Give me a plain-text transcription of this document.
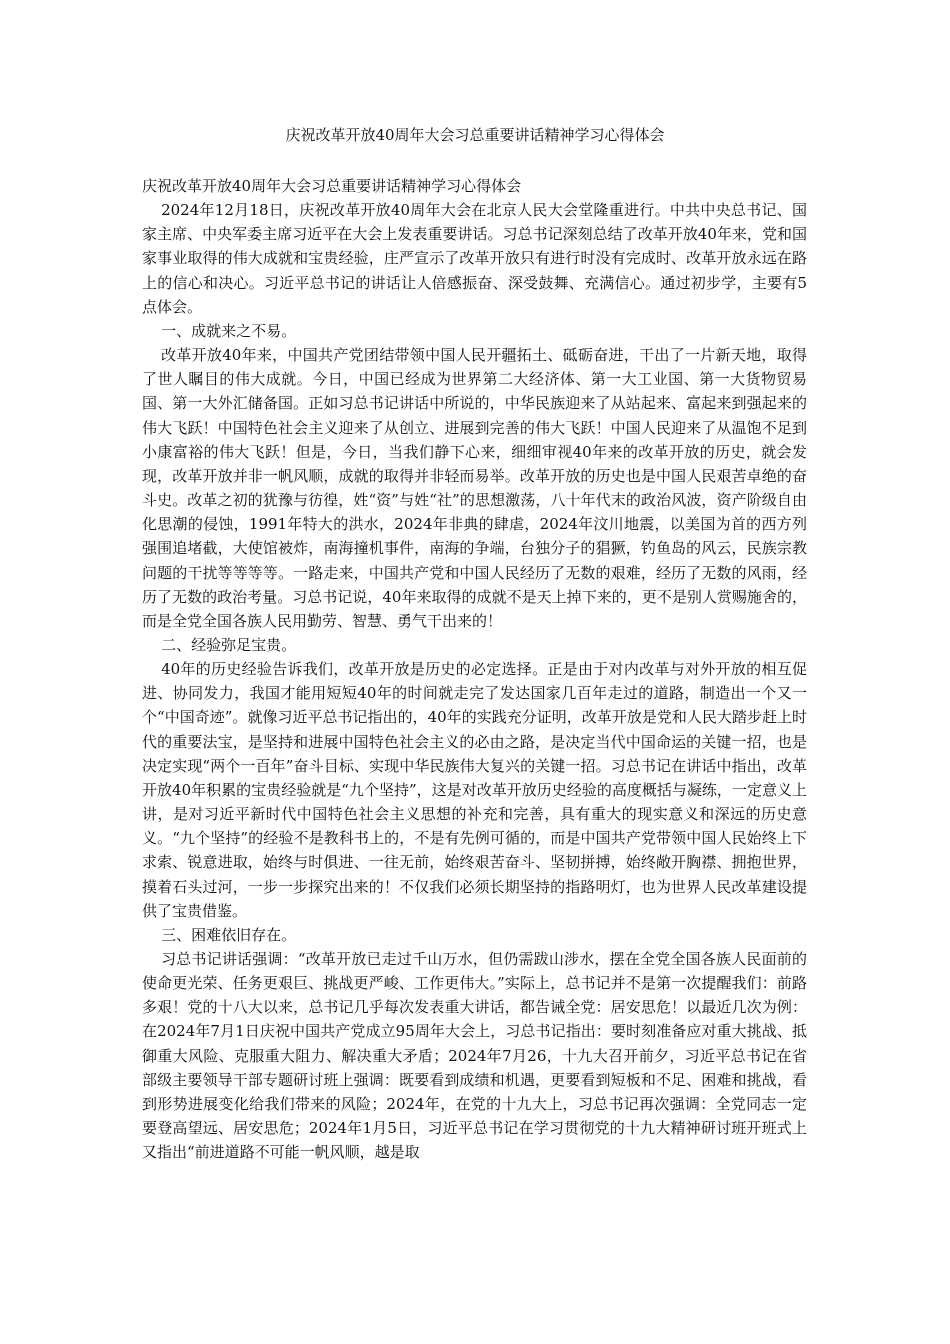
庆祝改革开放40周年大会习总重要讲话精神学习心得体会

庆祝改革开放40周年大会习总重要讲话精神学习心得体会

2024年12月18日，庆祝改革开放40周年大会在北京人民大会堂隆重进行。中共中央总书记、国家主席、中央军委主席习近平在大会上发表重要讲话。习总书记深刻总结了改革开放40年来，党和国家事业取得的伟大成就和宝贵经验，庄严宣示了改革开放只有进行时没有完成时、改革开放永远在路上的信心和决心。习近平总书记的讲话让人倍感振奋、深受鼓舞、充满信心。通过初步学，主要有5点体会。

一、成就来之不易。

改革开放40年来，中国共产党团结带领中国人民开疆拓土、砥砺奋进，干出了一片新天地，取得了世人瞩目的伟大成就。今日，中国已经成为世界第二大经济体、第一大工业国、第一大货物贸易国、第一大外汇储备国。正如习总书记讲话中所说的，中华民族迎来了从站起来、富起来到强起来的伟大飞跃！中国特色社会主义迎来了从创立、进展到完善的伟大飞跃！中国人民迎来了从温饱不足到小康富裕的伟大飞跃！但是，今日，当我们静下心来，细细审视40年来的改革开放的历史，就会发现，改革开放并非一帆风顺，成就的取得并非轻而易举。改革开放的历史也是中国人民艰苦卓绝的奋斗史。改革之初的犹豫与彷徨，姓“资”与姓“社”的思想激荡，八十年代末的政治风波，资产阶级自由化思潮的侵蚀，1991年特大的洪水，2024年非典的肆虐，2024年汶川地震，以美国为首的西方列强围追堵截，大使馆被炸，南海撞机事件，南海的争端，台独分子的猖獗，钓鱼岛的风云，民族宗教问题的干扰等等等等。一路走来，中国共产党和中国人民经历了无数的艰难，经历了无数的风雨，经历了无数的政治考量。习总书记说，40年来取得的成就不是天上掉下来的，更不是别人赏赐施舍的，而是全党全国各族人民用勤劳、智慧、勇气干出来的！

二、经验弥足宝贵。

40年的历史经验告诉我们，改革开放是历史的必定选择。正是由于对内改革与对外开放的相互促进、协同发力，我国才能用短短40年的时间就走完了发达国家几百年走过的道路，制造出一个又一个“中国奇迹”。就像习近平总书记指出的，40年的实践充分证明，改革开放是党和人民大踏步赶上时代的重要法宝，是坚持和进展中国特色社会主义的必由之路，是决定当代中国命运的关键一招，也是决定实现“两个一百年”奋斗目标、实现中华民族伟大复兴的关键一招。习总书记在讲话中指出，改革开放40年积累的宝贵经验就是“九个坚持”，这是对改革开放历史经验的高度概括与凝练，一定意义上讲，是对习近平新时代中国特色社会主义思想的补充和完善，具有重大的现实意义和深远的历史意义。“九个坚持”的经验不是教科书上的，不是有先例可循的，而是中国共产党带领中国人民始终上下求索、锐意进取，始终与时俱进、一往无前，始终艰苦奋斗、坚韧拼搏，始终敞开胸襟、拥抱世界，摸着石头过河，一步一步探究出来的！不仅我们必须长期坚持的指路明灯，也为世界人民改革建设提供了宝贵借鉴。

三、困难依旧存在。

习总书记讲话强调：“改革开放已走过千山万水，但仍需跋山涉水，摆在全党全国各族人民面前的使命更光荣、任务更艰巨、挑战更严峻、工作更伟大。”实际上，总书记并不是第一次提醒我们：前路多艰！党的十八大以来，总书记几乎每次发表重大讲话，都告诫全党：居安思危！以最近几次为例：在2024年7月1日庆祝中国共产党成立95周年大会上，习总书记指出：要时刻准备应对重大挑战、抵御重大风险、克服重大阻力、解决重大矛盾；2024年7月26，十九大召开前夕，习近平总书记在省部级主要领导干部专题研讨班上强调：既要看到成绩和机遇，更要看到短板和不足、困难和挑战，看到形势进展变化给我们带来的风险；2024年，在党的十九大上，习总书记再次强调：全党同志一定要登高望远、居安思危；2024年1月5日，习近平总书记在学习贯彻党的十九大精神研讨班开班式上又指出“前进道路不可能一帆风顺，越是取
